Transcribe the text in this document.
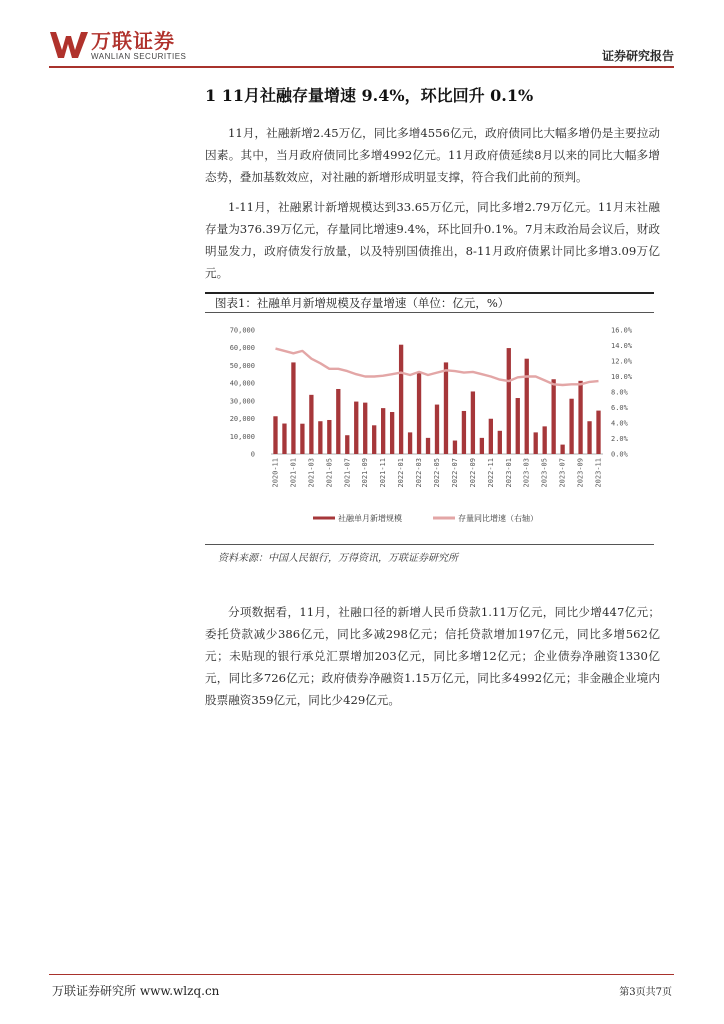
万联证券
WANLIAN SECURITIES	证券研究报告
1 11月社融存量增速 9.4%，环比回升 0.1%
11月，社融新增2.45万亿，同比多增4556亿元，政府债同比大幅多增仍是主要拉动因素。其中，当月政府债同比多增4992亿元。11月政府债延续8月以来的同比大幅多增态势，叠加基数效应，对社融的新增形成明显支撑，符合我们此前的预判。
1-11月，社融累计新增规模达到33.65万亿元，同比多增2.79万亿元。11月末社融存量为376.39万亿元，存量同比增速9.4%，环比回升0.1%。7月末政治局会议后，财政明显发力，政府债发行放量，以及特别国债推出，8-11月政府债累计同比多增3.09万亿元。
图表1：社融单月新增规模及存量增速（单位：亿元，%）
0
10,000
20,000
30,000
40,000
50,000
60,000
70,000
0.0%
2.0%
4.0%
6.0%
8.0%
10.0%
12.0%
14.0%
16.0%
2020-11 2021-01 2021-03 2021-05 2021-07 2021-09 2021-11 2022-01 2022-03 2022-05 2022-07 2022-09 2022-11 2023-01 2023-03 2023-05 2023-07 2023-09 2023-11
社融单月新增规模	存量同比增速（右轴）
资料来源：中国人民银行，万得资讯，万联证券研究所
分项数据看，11月，社融口径的新增人民币贷款1.11万亿元，同比少增447亿元；委托贷款减少386亿元，同比多减298亿元；信托贷款增加197亿元，同比多增562亿元；未贴现的银行承兑汇票增加203亿元，同比多增12亿元；企业债券净融资1330亿元，同比多726亿元；政府债券净融资1.15万亿元，同比多4992亿元；非金融企业境内股票融资359亿元，同比少429亿元。
万联证券研究所 www.wlzq.cn	第3页共7页
